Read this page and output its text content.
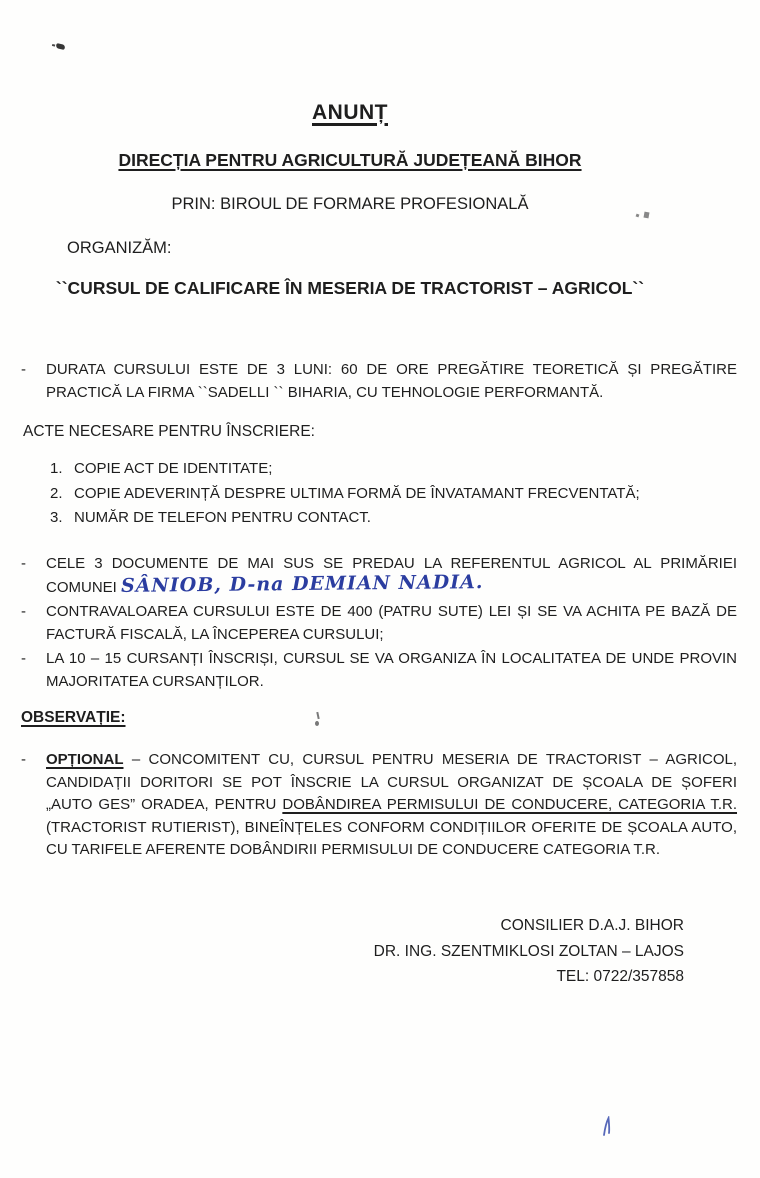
ANUNȚ
DIRECȚIA PENTRU AGRICULTURĂ JUDEȚEANĂ BIHOR
PRIN: BIROUL DE FORMARE PROFESIONALĂ
ORGANIZĂM:
``CURSUL DE CALIFICARE ÎN MESERIA DE TRACTORIST – AGRICOL``
- DURATA CURSULUI ESTE DE 3 LUNI: 60 DE ORE PREGĂTIRE TEORETICĂ ȘI PREGĂTIRE
PRACTICĂ LA FIRMA ``SADELLI `` BIHARIA, CU TEHNOLOGIE PERFORMANTĂ.
ACTE NECESARE PENTRU ÎNSCRIERE:
1. COPIE ACT DE IDENTITATE;
2. COPIE ADEVERINȚĂ DESPRE ULTIMA FORMĂ DE ÎNVATAMANT FRECVENTATĂ;
3. NUMĂR DE TELEFON PENTRU CONTACT.
- CELE 3 DOCUMENTE DE MAI SUS SE PREDAU LA REFERENTUL AGRICOL AL PRIMĂRIEI
COMUNEI SÂNIOB, D-na DEMIAN NADIA.
- CONTRAVALOAREA CURSULUI ESTE DE 400 (PATRU SUTE) LEI ȘI SE VA ACHITA PE BAZĂ DE
FACTURĂ FISCALĂ, LA ÎNCEPEREA CURSULUI;
- LA 10 – 15 CURSANȚI ÎNSCRIȘI, CURSUL SE VA ORGANIZA ÎN LOCALITATEA DE UNDE PROVIN
MAJORITATEA CURSANȚILOR.
OBSERVAȚIE:
- OPȚIONAL – CONCOMITENT CU, CURSUL PENTRU MESERIA DE TRACTORIST – AGRICOL,
CANDIDAȚII DORITORI SE POT ÎNSCRIE LA CURSUL ORGANIZAT DE ȘCOALA DE ȘOFERI
„AUTO GES” ORADEA, PENTRU DOBÂNDIREA PERMISULUI DE CONDUCERE, CATEGORIA T.R.
(TRACTORIST RUTIERIST), BINEÎNȚELES CONFORM CONDIȚIILOR OFERITE DE ȘCOALA AUTO,
CU TARIFELE AFERENTE DOBÂNDIRII PERMISULUI DE CONDUCERE CATEGORIA T.R.
CONSILIER D.A.J. BIHOR
DR. ING. SZENTMIKLOSI ZOLTAN – LAJOS
TEL: 0722/357858
